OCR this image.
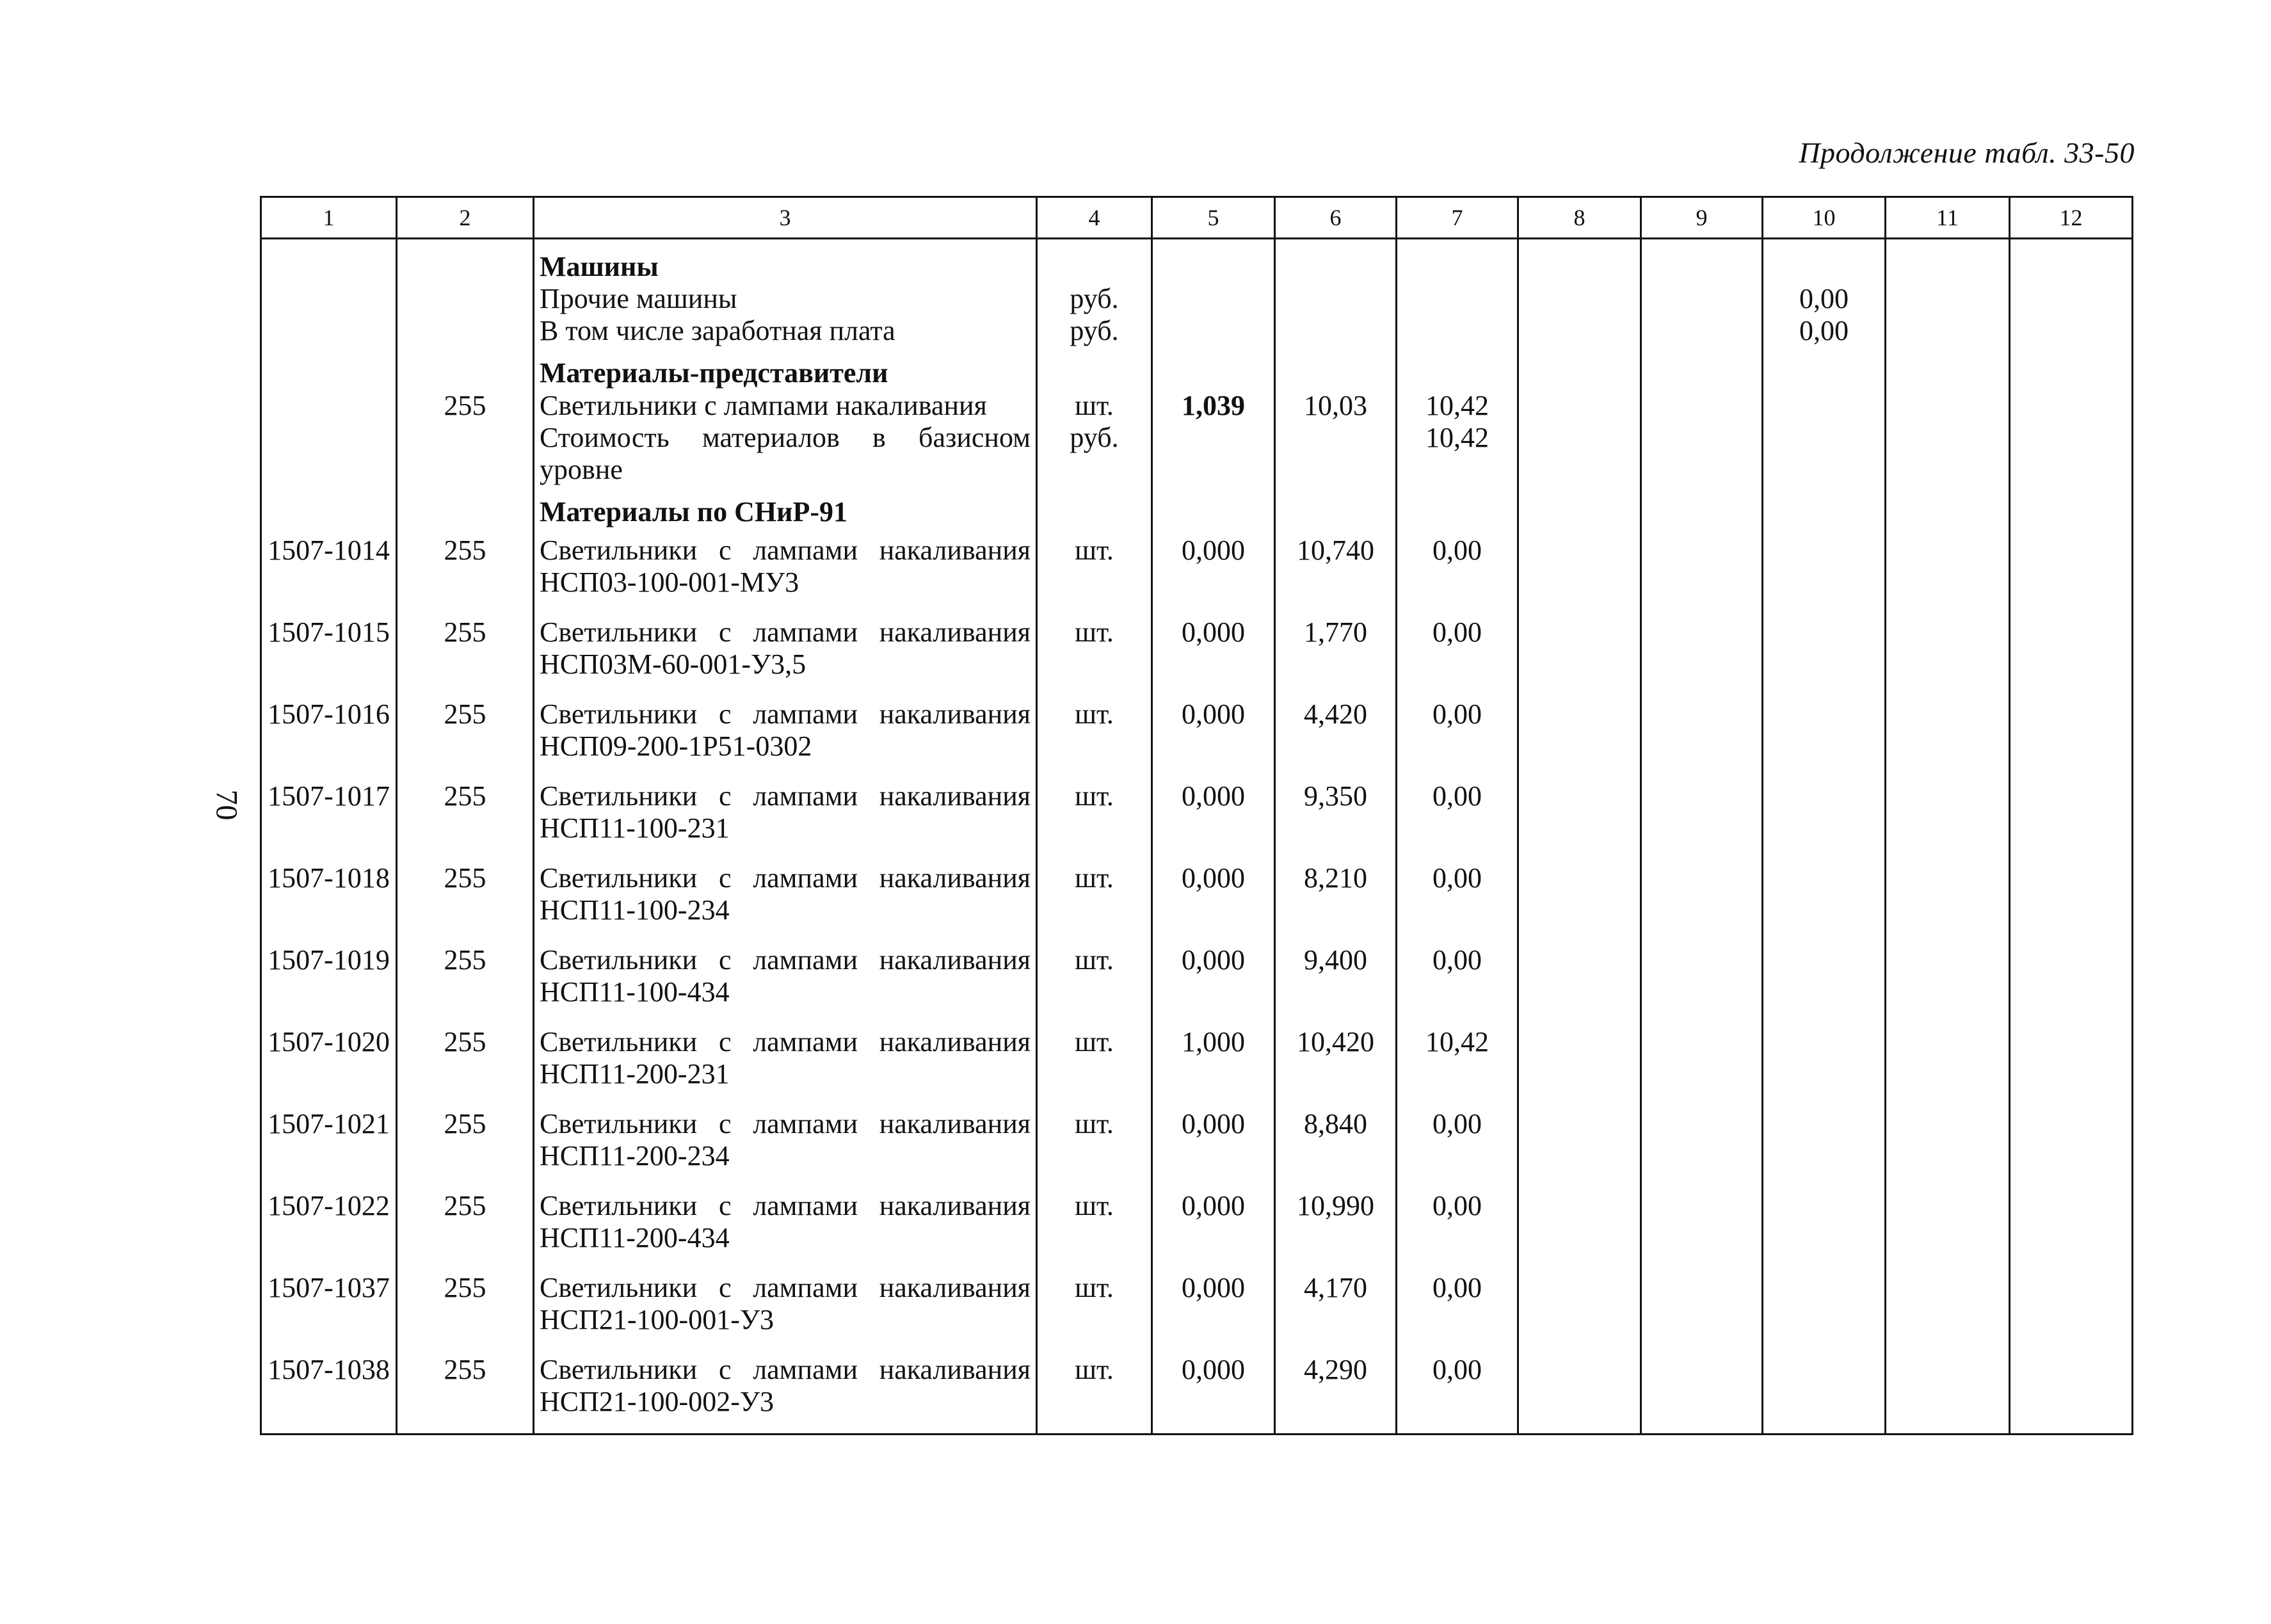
Продолжение табл. 33-50
70
1	2	3	4	5	6	7	8	9	10	11	12
		Машины									
		Прочие машины	руб.						0,00		
		В том числе заработная плата	руб.						0,00		
		Материалы-представители									
	255	Светильники с лампами накаливания	шт.	1,039	10,03	10,42					
		Стоимость материалов в базисном уровне	руб.			10,42					
		Материалы по СНиР-91									
1507-1014	255	Светильники с лампами накаливания НСП03-100-001-МУ3	шт.	0,000	10,740	0,00					
1507-1015	255	Светильники с лампами накаливания НСП03М-60-001-У3,5	шт.	0,000	1,770	0,00					
1507-1016	255	Светильники с лампами накаливания НСП09-200-1Р51-0302	шт.	0,000	4,420	0,00					
1507-1017	255	Светильники с лампами накаливания НСП11-100-231	шт.	0,000	9,350	0,00					
1507-1018	255	Светильники с лампами накаливания НСП11-100-234	шт.	0,000	8,210	0,00					
1507-1019	255	Светильники с лампами накаливания НСП11-100-434	шт.	0,000	9,400	0,00					
1507-1020	255	Светильники с лампами накаливания НСП11-200-231	шт.	1,000	10,420	10,42					
1507-1021	255	Светильники с лампами накаливания НСП11-200-234	шт.	0,000	8,840	0,00					
1507-1022	255	Светильники с лампами накаливания НСП11-200-434	шт.	0,000	10,990	0,00					
1507-1037	255	Светильники с лампами накаливания НСП21-100-001-У3	шт.	0,000	4,170	0,00					
1507-1038	255	Светильники с лампами накаливания НСП21-100-002-У3	шт.	0,000	4,290	0,00					
